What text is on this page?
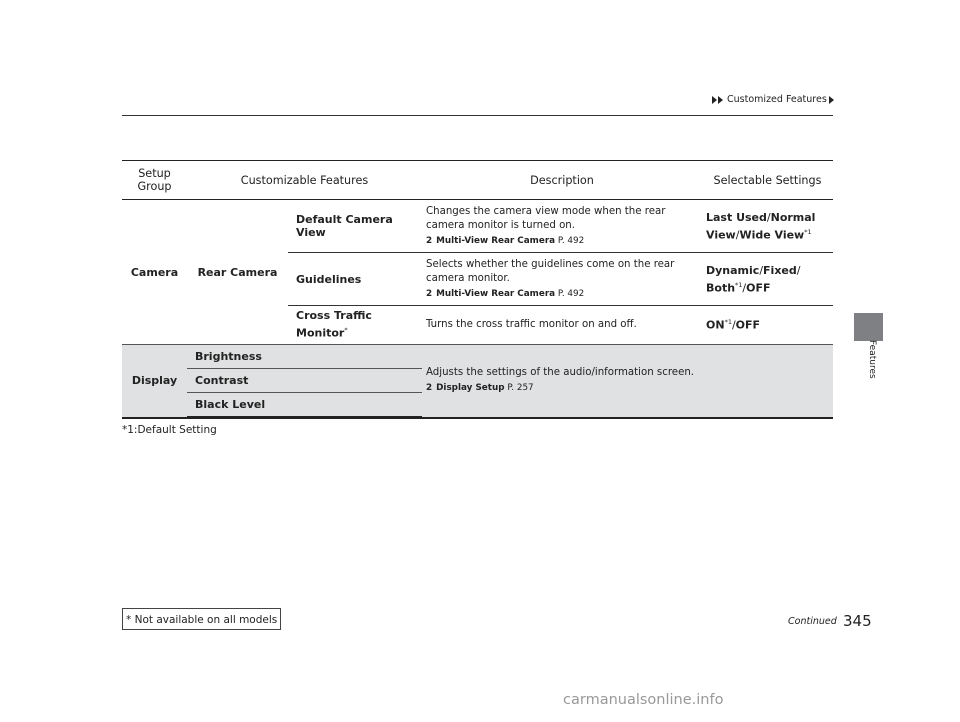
Customized Features
Features
Setup
Group	Customizable Features		Description	Selectable Settings
Camera	Rear Camera	Default Camera View	Changes the camera view mode when the rear camera monitor is turned on.
2 Multi-View Rear Camera P. 492	Last Used/Normal View/Wide View$^{*1}$
		Guidelines	Selects whether the guidelines come on the rear camera monitor.
2 Multi-View Rear Camera P. 492	Dynamic/Fixed/
Both$^{*1}$/OFF
		Cross Traffic Monitor*	Turns the cross traffic monitor on and off.	ON$^{*1}$/OFF
Display	Brightness		Adjusts the settings of the audio/information screen.
2 Display Setup P. 257	

	Contrast			
	Black Level			
*1:Default Setting
Continued 345
* Not available on all models
carmanualsonline.info
